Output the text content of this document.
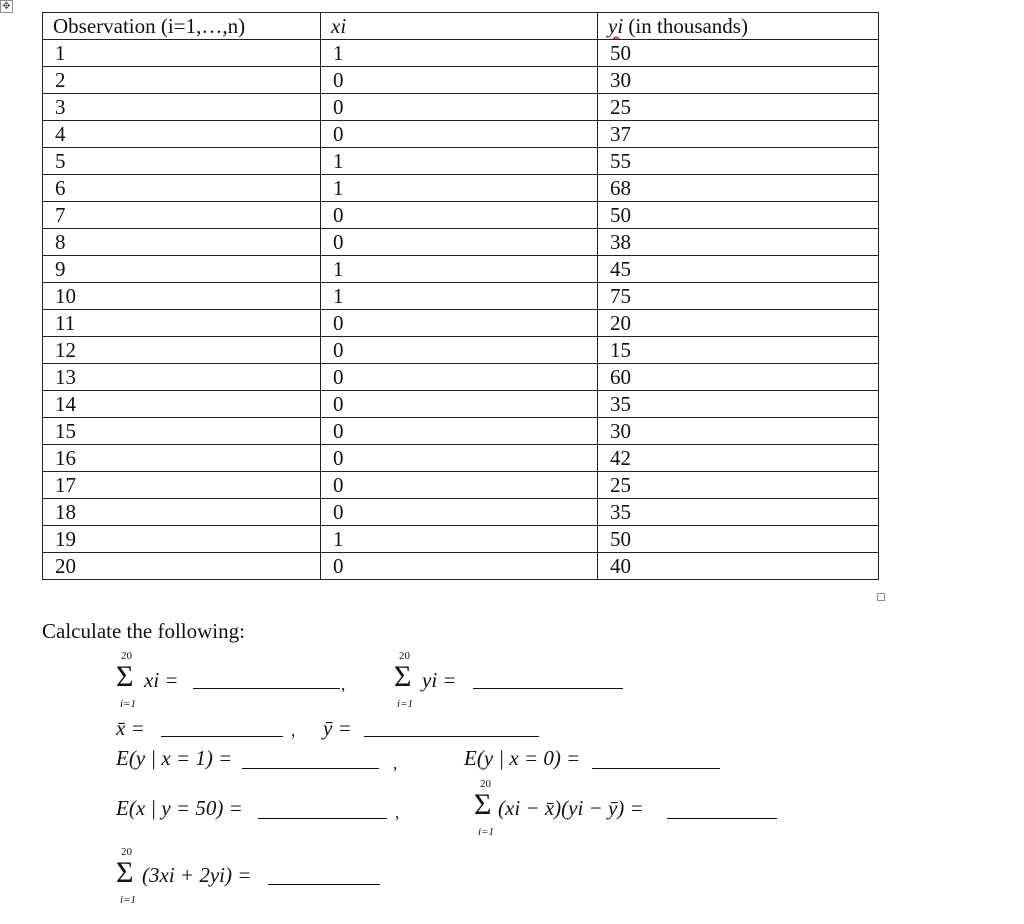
✥
Observation (i=1,…,n)	xi	yi (in thousands)
1	1	50
2	0	30
3	0	25
4	0	37
5	1	55
6	1	68
7	0	50
8	0	38
9	1	45
10	1	75
11	0	20
12	0	15
13	0	60
14	0	35
15	0	30
16	0	42
17	0	25
18	0	35
19	1	50
20	0	40
Calculate the following:
20
Σ
i=1
xi =	,
20
Σ
i=1
yi =
x̄ =	, ȳ =
E(y | x = 1) =	,	E(y | x = 0) =
E(x | y = 50) =	,
20
Σ
i=1
(xi − x̄)(yi − ȳ) =
20
Σ
i=1
(3xi + 2yi) =
